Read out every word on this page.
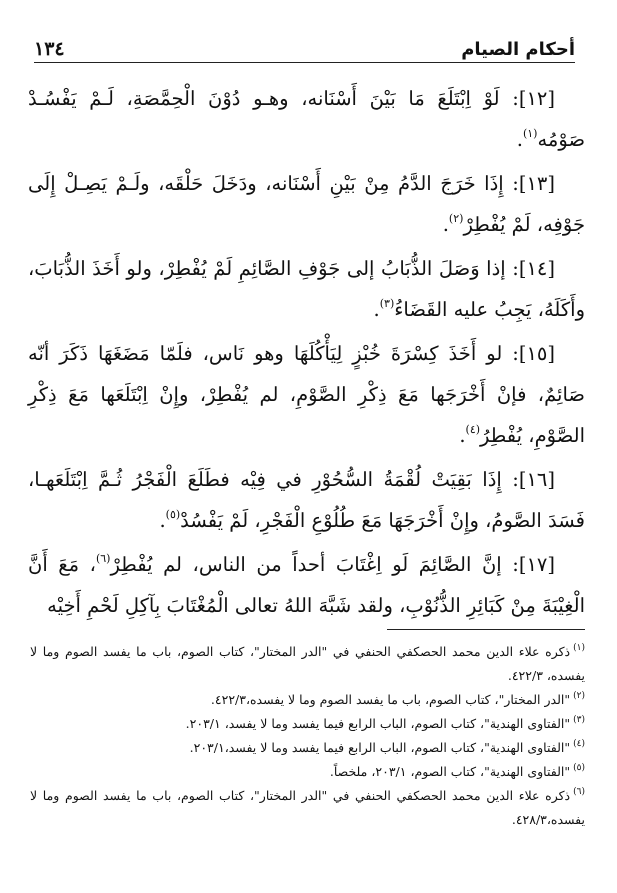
أحكام الصيام
١٣٤

[١٢]: لَوْ اِبْتَلَعَ مَا بَيْنَ أَسْنَانه، وهـو دُوْنَ الْحِمَّصَةِ، لَـمْ يَفْسُـدْ صَوْمُه$^{(١)}$.

[١٣]: إِذَا خَرَجَ الدَّمُ مِنْ بَيْنِ أَسْنَانه، ودَخَلَ حَلْقَه، ولَـمْ يَصِـلْ إِلَى جَوْفِه، لَمْ يُفْطِرْ$^{(٢)}$.

[١٤]: إذا وَصَلَ الذُّبَابُ إلى جَوْفِ الصَّائِمِ لَمْ يُفْطِرْ، ولو أَخَذَ الذُّبَابَ، وأَكَلَهُ، يَجِبُ عليه القَضَاءُ$^{(٣)}$.

[١٥]: لو أَخَذَ كِسْرَةَ خُبْزٍ لِيَأْكُلَهَا وهو نَاس، فلَمّا مَضَغَهَا ذَكَرَ أنّه صَائِمٌ، فإنْ أَخْرَجَها مَعَ ذِكْرِ الصَّوْمِ، لم يُفْطِرْ، وإِنْ اِبْتَلَعَها مَعَ ذِكْرِ الصَّوْمِ، يُفْطِرُ$^{(٤)}$.

[١٦]: إِذَا بَقِيَتْ لُقْمَةُ السُّحُوْرِ في فِيْه فطَلَعَ الْفَجْرُ ثُـمَّ اِبْتَلَعَهـا، فَسَدَ الصَّومُ، وإِنْ أَخْرَجَهَا مَعَ طُلُوْعِ الْفَجْرِ، لَمْ يَفْسُدْ$^{(٥)}$.

[١٧]: إنَّ الصَّائِمَ لَو اِغْتَابَ أحداً من الناس، لم يُفْطِرْ$^{(٦)}$، مَعَ أَنَّ الْغِيْبَةَ مِنْ كَبَائِرِ الذُّنُوْبِ، ولقد شَبَّهَ اللهُ تعالى الْمُغْتَابَ بِآكِلِ لَحْمِ أَخِيْه

$^{(١)}$ذكره علاء الدين محمد الحصكفي الحنفي في "الدر المختار"، كتاب الصوم، باب ما يفسد الصوم وما لا يفسده، ٤٢٢/٣.

$^{(٢)}$"الدر المختار"، كتاب الصوم، باب ما يفسد الصوم وما لا يفسده،٤٢٢/٣.

$^{(٣)}$"الفتاوى الهندية"، كتاب الصوم، الباب الرابع فيما يفسد وما لا يفسد، ٢٠٣/١.

$^{(٤)}$"الفتاوى الهندية"، كتاب الصوم، الباب الرابع فيما يفسد وما لا يفسد،٢٠٣/١.

$^{(٥)}$"الفتاوى الهندية"، كتاب الصوم، ٢٠٣/١، ملخصاً.

$^{(٦)}$ذكره علاء الدين محمد الحصكفي الحنفي في "الدر المختار"، كتاب الصوم، باب ما يفسد الصوم وما لا يفسده،٤٢٨/٣.
